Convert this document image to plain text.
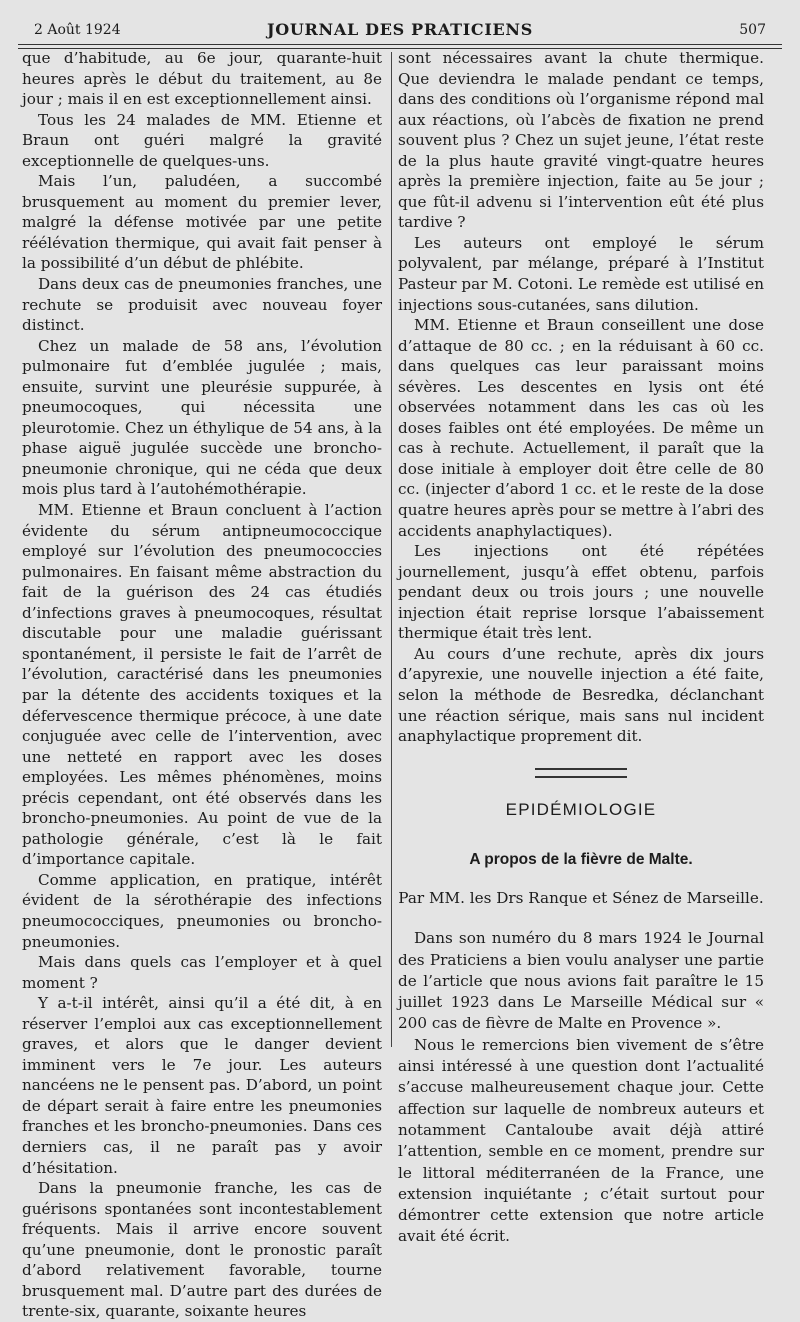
2 Août 1924	JOURNAL DES PRATICIENS	507

que d’habitude, au 6e jour, quarante-huit heures après le début du traitement, au 8e jour ; mais il en est exceptionnellement ainsi.

Tous les 24 malades de MM. Etienne et Braun ont guéri malgré la gravité exceptionnelle de quelques-uns.

Mais l’un, paludéen, a succombé brusquement au moment du premier lever, malgré la défense motivée par une petite réélévation thermique, qui avait fait penser à la possibilité d’un début de phlébite.

Dans deux cas de pneumonies franches, une rechute se produisit avec nouveau foyer distinct.

Chez un malade de 58 ans, l’évolution pulmonaire fut d’emblée jugulée ; mais, ensuite, survint une pleurésie suppurée, à pneumocoques, qui nécessita une pleurotomie. Chez un éthylique de 54 ans, à la phase aiguë jugulée succède une broncho-pneumonie chronique, qui ne céda que deux mois plus tard à l’autohémothérapie.

MM. Etienne et Braun concluent à l’action évidente du sérum antipneumococcique employé sur l’évolution des pneumococcies pulmonaires. En faisant même abstraction du fait de la guérison des 24 cas étudiés d’infections graves à pneumocoques, résultat discutable pour une maladie guérissant spontanément, il persiste le fait de l’arrêt de l’évolution, caractérisé dans les pneumonies par la détente des accidents toxiques et la défervescence thermique précoce, à une date conjuguée avec celle de l’intervention, avec une netteté en rapport avec les doses employées. Les mêmes phénomènes, moins précis cependant, ont été observés dans les broncho-pneumonies. Au point de vue de la pathologie générale, c’est là le fait d’importance capitale.

Comme application, en pratique, intérêt évident de la sérothérapie des infections pneumococciques, pneumonies ou broncho-pneumonies.

Mais dans quels cas l’employer et à quel moment ?

Y a-t-il intérêt, ainsi qu’il a été dit, à en réserver l’emploi aux cas exceptionnellement graves, et alors que le danger devient imminent vers le 7e jour. Les auteurs nancéens ne le pensent pas. D’abord, un point de départ serait à faire entre les pneumonies franches et les broncho-pneumonies. Dans ces derniers cas, il ne paraît pas y avoir d’hésitation.

Dans la pneumonie franche, les cas de guérisons spontanées sont incontestablement fréquents. Mais il arrive encore souvent qu’une pneumonie, dont le pronostic paraît d’abord relativement favorable, tourne brusquement mal. D’autre part des durées de trente-six, quarante, soixante heures

sont nécessaires avant la chute thermique. Que deviendra le malade pendant ce temps, dans des conditions où l’organisme répond mal aux réactions, où l’abcès de fixation ne prend souvent plus ? Chez un sujet jeune, l’état reste de la plus haute gravité vingt-quatre heures après la première injection, faite au 5e jour ; que fût-il advenu si l’intervention eût été plus tardive ?

Les auteurs ont employé le sérum polyvalent, par mélange, préparé à l’Institut Pasteur par M. Cotoni. Le remède est utilisé en injections sous-cutanées, sans dilution.

MM. Etienne et Braun conseillent une dose d’attaque de 80 cc. ; en la réduisant à 60 cc. dans quelques cas leur paraissant moins sévères. Les descentes en lysis ont été observées notamment dans les cas où les doses faibles ont été employées. De même un cas à rechute. Actuellement, il paraît que la dose initiale à employer doit être celle de 80 cc. (injecter d’abord 1 cc. et le reste de la dose quatre heures après pour se mettre à l’abri des accidents anaphylactiques).

Les injections ont été répétées journellement, jusqu’à effet obtenu, parfois pendant deux ou trois jours ; une nouvelle injection était reprise lorsque l’abaissement thermique était très lent.

Au cours d’une rechute, après dix jours d’apyrexie, une nouvelle injection a été faite, selon la méthode de Besredka, déclanchant une réaction sérique, mais sans nul incident anaphylactique proprement dit.

EPIDÉMIOLOGIE
A propos de la fièvre de Malte.
Par MM. les Drs Ranque et Sénez de Marseille.

Dans son numéro du 8 mars 1924 le Journal des Praticiens a bien voulu analyser une partie de l’article que nous avions fait paraître le 15 juillet 1923 dans Le Marseille Médical sur « 200 cas de fièvre de Malte en Provence ».

Nous le remercions bien vivement de s’être ainsi intéressé à une question dont l’actualité s’accuse malheureusement chaque jour. Cette affection sur laquelle de nombreux auteurs et notamment Cantaloube avait déjà attiré l’attention, semble en ce moment, prendre sur le littoral méditerranéen de la France, une extension inquiétante ; c’était surtout pour démontrer cette extension que notre article avait été écrit.
